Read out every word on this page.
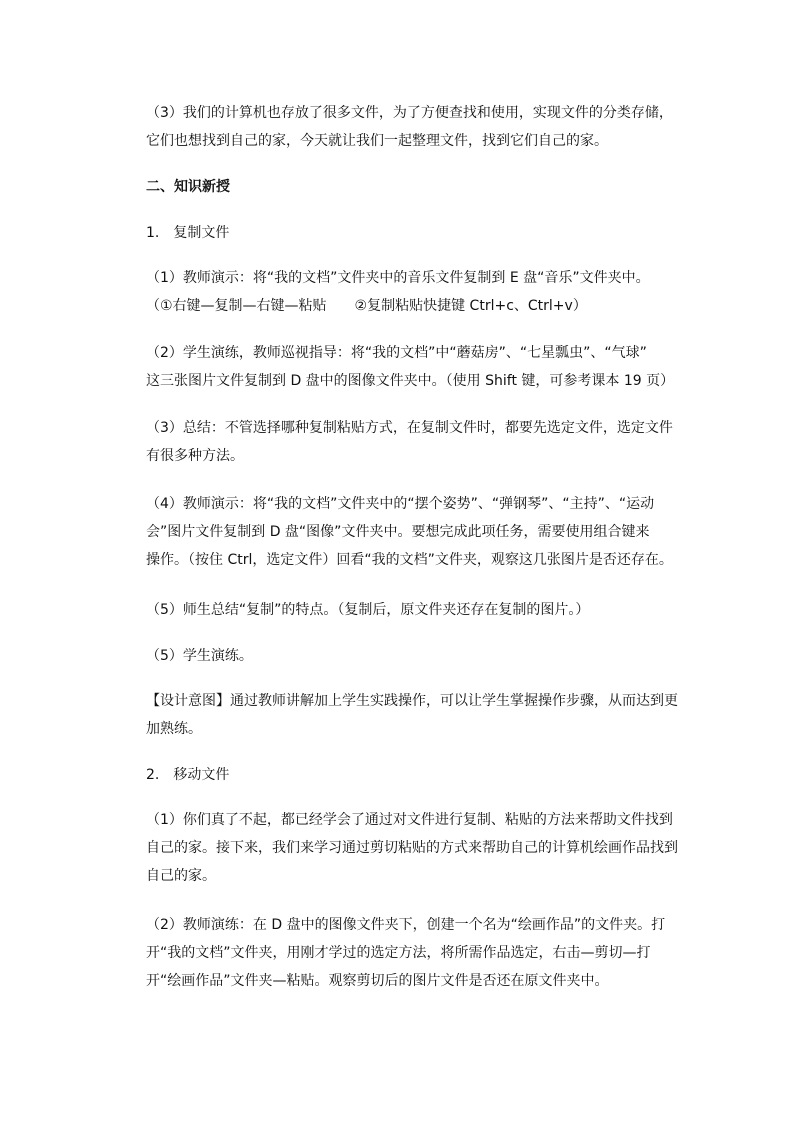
（3）我们的计算机也存放了很多文件，为了方便查找和使用，实现文件的分类存储，
它们也想找到自己的家，今天就让我们一起整理文件，找到它们自己的家。
二、知识新授
1.　复制文件
（1）教师演示：将“我的文档”文件夹中的音乐文件复制到 E 盘“音乐”文件夹中。
（①右键—复制—右键—粘贴　　②复制粘贴快捷键 Ctrl+c、Ctrl+v）
（2）学生演练，教师巡视指导：将“我的文档”中“蘑菇房”、“七星瓢虫”、“气球”
这三张图片文件复制到 D 盘中的图像文件夹中。（使用 Shift 键，可参考课本 19 页）
（3）总结：不管选择哪种复制粘贴方式，在复制文件时，都要先选定文件，选定文件
有很多种方法。
（4）教师演示：将“我的文档”文件夹中的“摆个姿势”、“弹钢琴”、“主持”、“运动
会”图片文件复制到 D 盘“图像”文件夹中。要想完成此项任务，需要使用组合键来
操作。（按住 Ctrl，选定文件）回看“我的文档”文件夹，观察这几张图片是否还存在。
（5）师生总结“复制”的特点。（复制后，原文件夹还存在复制的图片。）
（5）学生演练。
【设计意图】通过教师讲解加上学生实践操作，可以让学生掌握操作步骤，从而达到更
加熟练。
2.　移动文件
（1）你们真了不起，都已经学会了通过对文件进行复制、粘贴的方法来帮助文件找到
自己的家。接下来，我们来学习通过剪切粘贴的方式来帮助自己的计算机绘画作品找到
自己的家。
（2）教师演练：在 D 盘中的图像文件夹下，创建一个名为“绘画作品”的文件夹。打
开“我的文档”文件夹，用刚才学过的选定方法，将所需作品选定，右击—剪切—打
开“绘画作品”文件夹—粘贴。观察剪切后的图片文件是否还在原文件夹中。
